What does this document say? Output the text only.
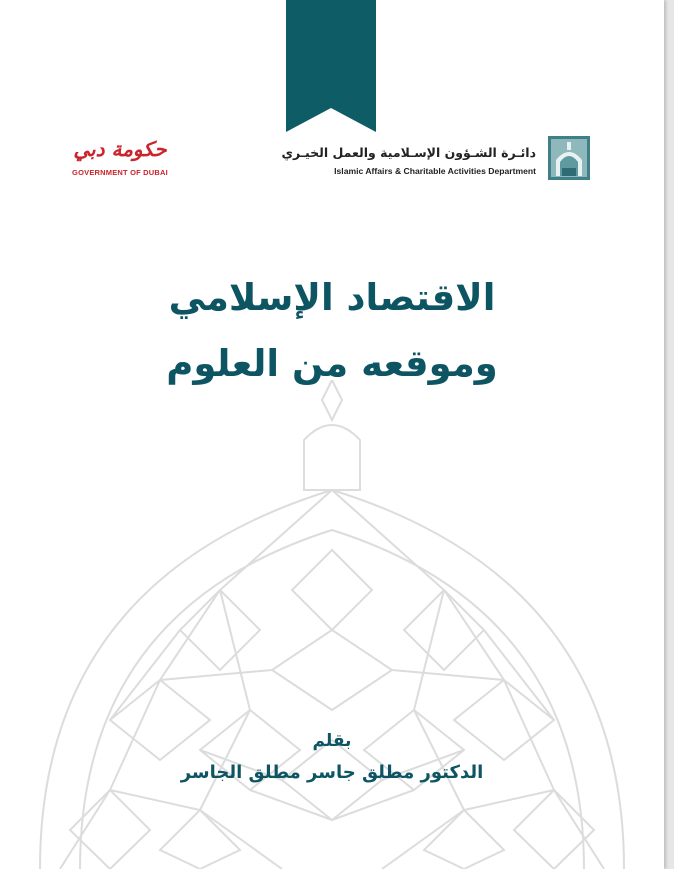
حكومة دبي
GOVERNMENT OF DUBAI
دائـرة الشـؤون الإسـلامية والعمل الخيـري
Islamic Affairs & Charitable Activities Department
الاقتصاد الإسلامي
وموقعه من العلوم
بقلم
الدكتور مطلق جاسر مطلق الجاسر
